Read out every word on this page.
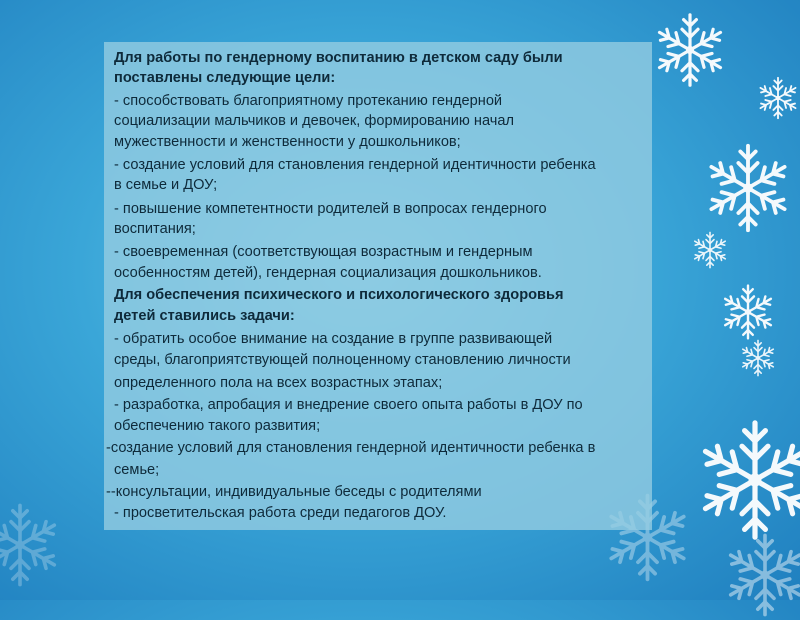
Для работы по гендерному воспитанию в детском саду были
поставлены следующие цели:
- способствовать благоприятному протеканию гендерной
социализации мальчиков и девочек, формированию начал
мужественности и женственности у дошкольников;
- создание условий для становления гендерной идентичности ребенка
в семье и ДОУ;
- повышение компетентности родителей в вопросах гендерного
воспитания;
- своевременная (соответствующая возрастным и гендерным
особенностям детей), гендерная социализация дошкольников.
Для обеспечения психического и психологического здоровья
детей ставились задачи:
- обратить особое внимание на создание в группе развивающей
среды, благоприятствующей полноценному становлению личности
определенного пола на всех возрастных этапах;
- разработка, апробация и внедрение своего опыта работы в ДОУ по
обеспечению такого развития;
-создание условий для становления гендерной идентичности ребенка в
семье;
--консультации, индивидуальные беседы с родителями
- просветительская работа среди педагогов ДОУ.
